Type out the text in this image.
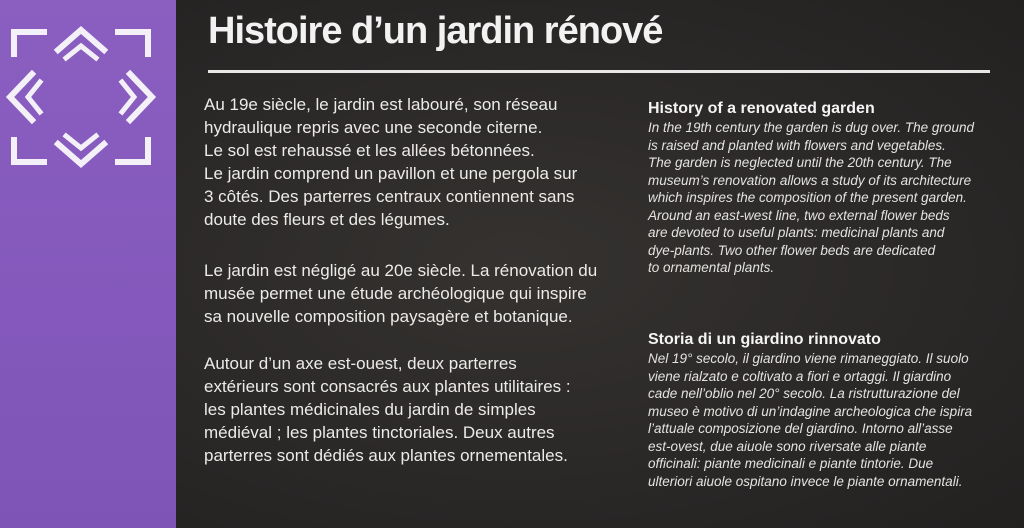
Histoire d’un jardin rénové

Au 19e siècle, le jardin est labouré, son réseau

hydraulique repris avec une seconde citerne.

Le sol est rehaussé et les allées bétonnées.

Le jardin comprend un pavillon et une pergola sur

3 côtés. Des parterres centraux contiennent sans

doute des fleurs et des légumes.

Le jardin est négligé au 20e siècle. La rénovation du

musée permet une étude archéologique qui inspire

sa nouvelle composition paysagère et botanique.

Autour d’un axe est-ouest, deux parterres

extérieurs sont consacrés aux plantes utilitaires :

les plantes médicinales du jardin de simples

médiéval ; les plantes tinctoriales. Deux autres

parterres sont dédiés aux plantes ornementales.

History of a renovated garden

In the 19th century the garden is dug over. The ground

is raised and planted with flowers and vegetables.

The garden is neglected until the 20th century. The

museum’s renovation allows a study of its architecture

which inspires the composition of the present garden.

Around an east-west line, two external flower beds

are devoted to useful plants: medicinal plants and

dye-plants. Two other flower beds are dedicated

to ornamental plants.

Storia di un giardino rinnovato

Nel 19° secolo, il giardino viene rimaneggiato. Il suolo

viene rialzato e coltivato a fiori e ortaggi. Il giardino

cade nell’oblio nel 20° secolo. La ristrutturazione del

museo è motivo di un’indagine archeologica che ispira

l’attuale composizione del giardino. Intorno all’asse

est-ovest, due aiuole sono riversate alle piante

officinali: piante medicinali e piante tintorie. Due

ulteriori aiuole ospitano invece le piante ornamentali.
